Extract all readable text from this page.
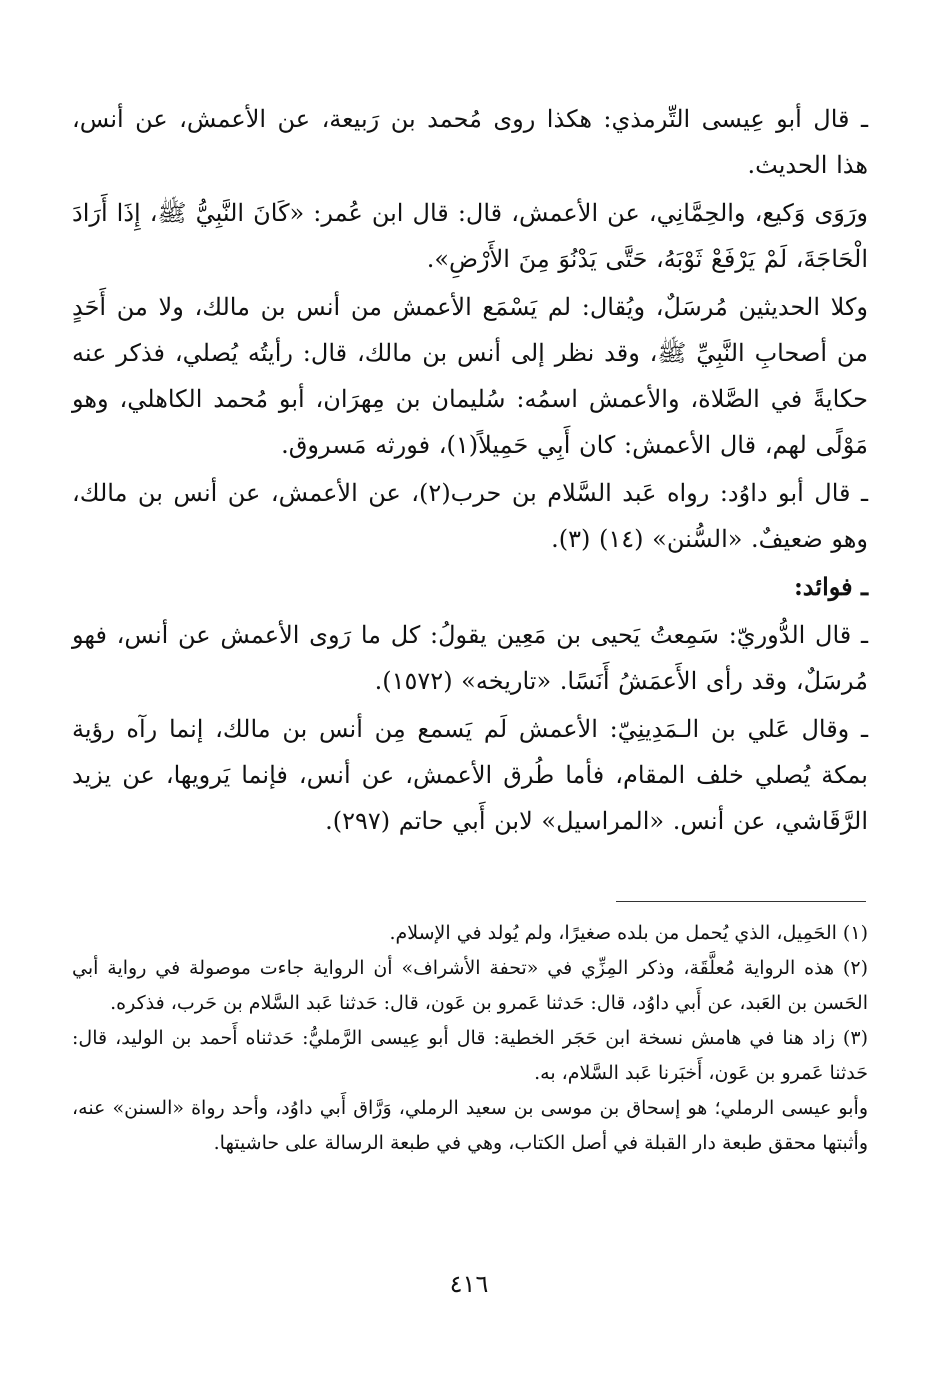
ـ قال أبو عِيسى التِّرمذي: هكذا روى مُحمد بن رَبيعة، عن الأعمش، عن أنس، هذا الحديث.

ورَوَى وَكيع، والحِمَّانِي، عن الأعمش، قال: قال ابن عُمر: «كَانَ النَّبِيُّ ﷺ، إِذَا أَرَادَ الْحَاجَةَ، لَمْ يَرْفَعْ ثَوْبَهُ، حَتَّى يَدْنُوَ مِنَ الأَرْضِ».

وكلا الحديثين مُرسَلٌ، ويُقال: لم يَسْمَع الأعمش من أنس بن مالك، ولا من أَحَدٍ من أصحابِ النَّبِيِّ ﷺ، وقد نظر إلى أنس بن مالك، قال: رأيتُه يُصلي، فذكر عنه حكايةً في الصَّلاة، والأعمش اسمُه: سُليمان بن مِهرَان، أبو مُحمد الكاهلي، وهو مَوْلًى لهم، قال الأعمش: كان أَبِي حَمِيلاً(١)، فورثه مَسروق.

ـ قال أبو داوُد: رواه عَبد السَّلام بن حرب(٢)، عن الأعمش، عن أنس بن مالك، وهو ضعيفٌ. «السُّنن» (١٤) (٣).

ـ فوائد:

ـ قال الدُّوريّ: سَمِعتُ يَحيى بن مَعِين يقولُ: كل ما رَوى الأعمش عن أنس، فهو مُرسَلٌ، وقد رأى الأَعمَشُ أَنَسًا. «تاريخه» (١٥٧٢).

ـ وقال عَلي بن الـمَدِينِيّ: الأعمش لَم يَسمع مِن أنس بن مالك، إنما رآه رؤية بمكة يُصلي خلف المقام، فأما طُرق الأعمش، عن أنس، فإنما يَرويها، عن يزيد الرَّقَاشي، عن أنس. «المراسيل» لابن أَبي حاتم (٢٩٧).

(١) الحَمِيل، الذي يُحمل من بلده صغيرًا، ولم يُولد في الإسلام.

(٢) هذه الرواية مُعلَّقَة، وذكر المِزِّي في «تحفة الأشراف» أن الرواية جاءت موصولة في رواية أبي الحَسن بن العَبد، عن أَبي داوُد، قال: حَدثنا عَمرو بن عَون، قال: حَدثنا عَبد السَّلام بن حَرب، فذكره.

(٣) زاد هنا في هامش نسخة ابن حَجَر الخطية: قال أبو عِيسى الرَّمليُّ: حَدثناه أَحمد بن الوليد، قال: حَدثنا عَمرو بن عَون، أَخبَرنا عَبد السَّلام، به.

وأبو عيسى الرملي؛ هو إسحاق بن موسى بن سعيد الرملي، وَرَّاق أَبي داوُد، وأحد رواة «السنن» عنه، وأثبتها محقق طبعة دار القبلة في أصل الكتاب، وهي في طبعة الرسالة على حاشيتها.

٤١٦
